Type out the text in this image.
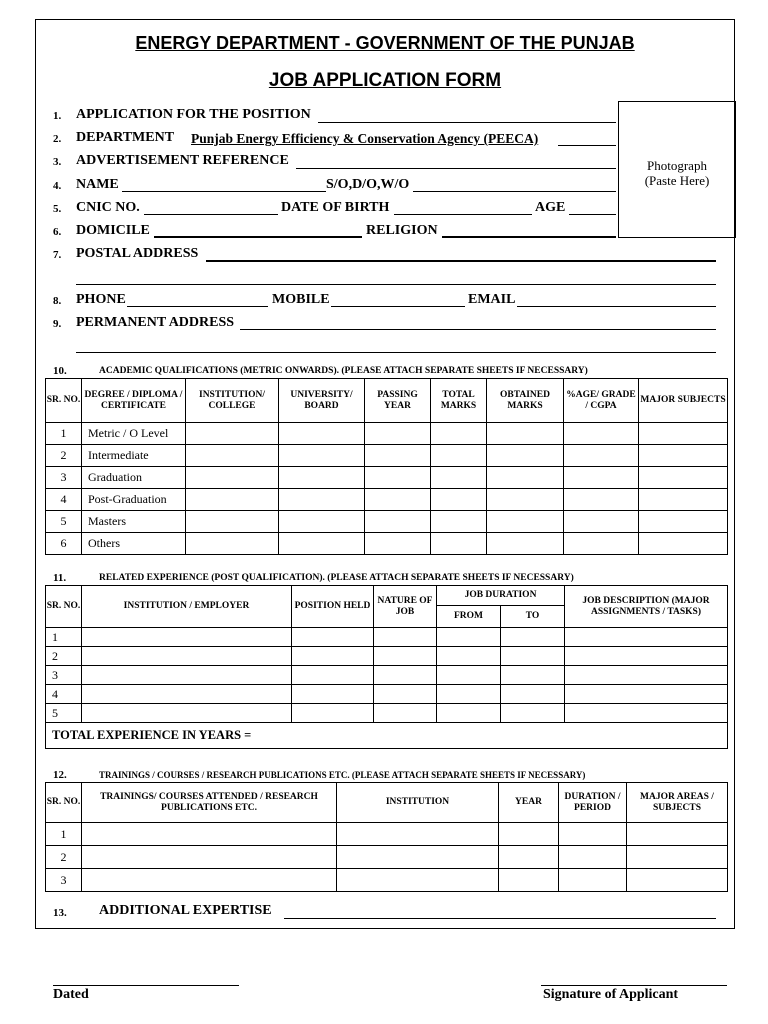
ENERGY DEPARTMENT - GOVERNMENT OF THE PUNJAB
JOB APPLICATION FORM
Photograph
(Paste Here)
1. APPLICATION FOR THE POSITION
2. DEPARTMENT Punjab Energy Efficiency & Conservation Agency (PEECA)
3. ADVERTISEMENT REFERENCE
4. NAME	S/O,D/O,W/O
5. CNIC NO.	DATE OF BIRTH	AGE
6. DOMICILE	RELIGION
7. POSTAL ADDRESS
8. PHONE	MOBILE	EMAIL
9. PERMANENT ADDRESS
10.	ACADEMIC QUALIFICATIONS (METRIC ONWARDS). (PLEASE ATTACH SEPARATE SHEETS IF NECESSARY)
SR. NO.	DEGREE / DIPLOMA / CERTIFICATE	INSTITUTION/ COLLEGE	UNIVERSITY/ BOARD	PASSING YEAR	TOTAL MARKS	OBTAINED MARKS	%AGE/ GRADE / CGPA	MAJOR SUBJECTS
1	Metric / O Level							
2	Intermediate							
3	Graduation							
4	Post-Graduation							
5	Masters							
6	Others							
11.	RELATED EXPERIENCE (POST QUALIFICATION). (PLEASE ATTACH SEPARATE SHEETS IF NECESSARY)
SR. NO.	INSTITUTION / EMPLOYER	POSITION HELD	NATURE OF JOB	JOB DURATION		JOB DESCRIPTION (MAJOR ASSIGNMENTS / TASKS)
				FROM	TO	
1						
2						
3						
4						
5						
TOTAL EXPERIENCE IN YEARS =						
12.	TRAININGS / COURSES / RESEARCH PUBLICATIONS ETC. (PLEASE ATTACH SEPARATE SHEETS IF NECESSARY)
SR. NO.	TRAININGS/ COURSES ATTENDED / RESEARCH PUBLICATIONS ETC.	INSTITUTION	YEAR	DURATION / PERIOD	MAJOR AREAS / SUBJECTS
1					
2					
3					
13. ADDITIONAL EXPERTISE
Dated	Signature of Applicant
